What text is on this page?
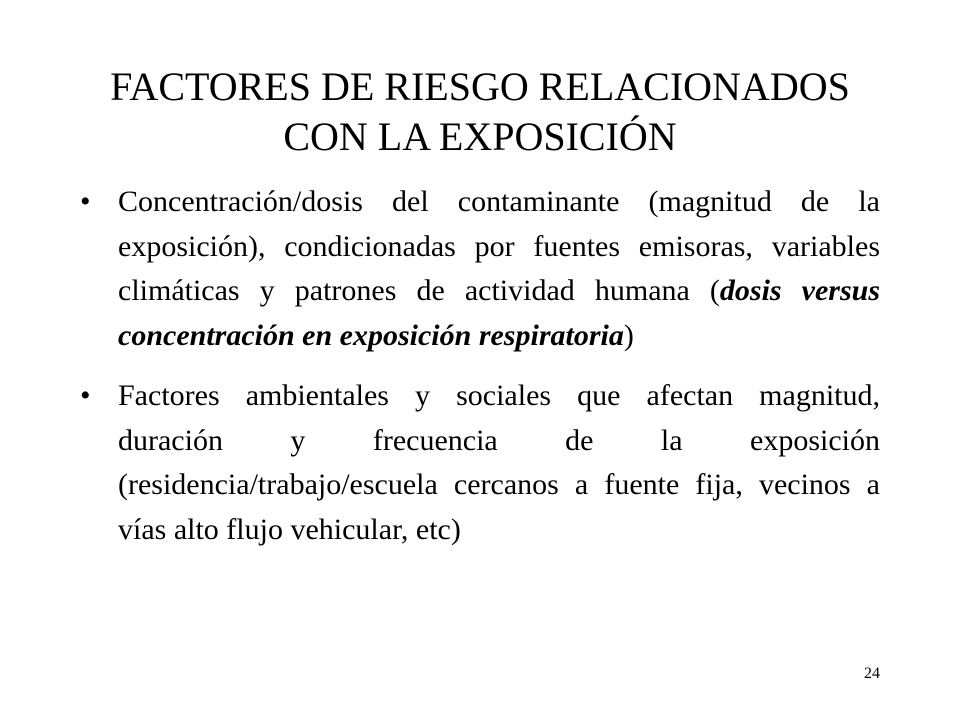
FACTORES DE RIESGO RELACIONADOS
CON LA EXPOSICIÓN
• Concentración/dosis del contaminante (magnitud de la exposición), condicionadas por fuentes emisoras, variables climáticas y patrones de actividad humana (dosis versus concentración en exposición respiratoria)
• Factores ambientales y sociales que afectan magnitud, duración y frecuencia de la exposición (residencia/trabajo/escuela cercanos a fuente fija, vecinos a vías alto flujo vehicular, etc)
24
